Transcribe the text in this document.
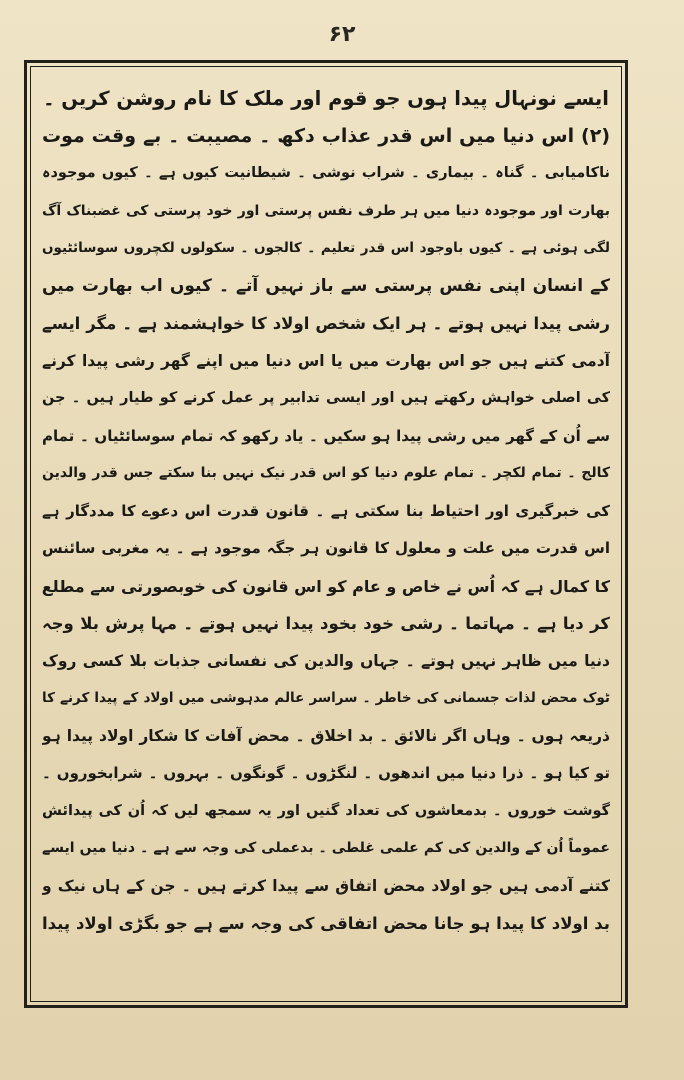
۶۲
ایسے نونہال پیدا ہوں جو قوم اور ملک کا نام روشن کریں ۔
(۲) اس دنیا میں اس قدر عذاب دکھ ۔ مصیبت ۔ بے وقت موت
ناکامیابی ۔ گناہ ۔ بیماری ۔ شراب نوشی ۔ شیطانیت کیوں ہے ۔ کیوں موجودہ
بھارت اور موجودہ دنیا میں ہر طرف نفس پرستی اور خود پرستی کی غضبناک آگ
لگی ہوئی ہے ۔ کیوں باوجود اس قدر تعلیم ۔ کالجوں ۔ سکولوں لکچروں سوسائٹیوں
کے انسان اپنی نفس پرستی سے باز نہیں آتے ۔ کیوں اب بھارت میں
رشی پیدا نہیں ہوتے ۔ ہر ایک شخص اولاد کا خواہشمند ہے ۔ مگر ایسے
آدمی کتنے ہیں جو اس بھارت میں یا اس دنیا میں اپنے گھر رشی پیدا کرنے
کی اصلی خواہش رکھتے ہیں اور ایسی تدابیر پر عمل کرنے کو طیار ہیں ۔ جن
سے اُن کے گھر میں رشی پیدا ہو سکیں ۔ یاد رکھو کہ تمام سوسائٹیاں ۔ تمام
کالج ۔ تمام لکچر ۔ تمام علوم دنیا کو اس قدر نیک نہیں بنا سکتے جس قدر والدین
کی خبرگیری اور احتیاط بنا سکتی ہے ۔ قانون قدرت اس دعوے کا مددگار ہے
اس قدرت میں علت و معلول کا قانون ہر جگہ موجود ہے ۔ یہ مغربی سائنس
کا کمال ہے کہ اُس نے خاص و عام کو اس قانون کی خوبصورتی سے مطلع
کر دیا ہے ۔ مہاتما ۔ رشی خود بخود پیدا نہیں ہوتے ۔ مہا پرش بلا وجہ
دنیا میں ظاہر نہیں ہوتے ۔ جہاں والدین کی نفسانی جذبات بلا کسی روک
ٹوک محض لذات جسمانی کی خاطر ۔ سراسر عالم مدہوشی میں اولاد کے پیدا کرنے کا
ذریعہ ہوں ۔ وہاں اگر نالائق ۔ بد اخلاق ۔ محض آفات کا شکار اولاد پیدا ہو
تو کیا ہو ۔ ذرا دنیا میں اندھوں ۔ لنگڑوں ۔ گونگوں ۔ بہروں ۔ شرابخوروں ۔
گوشت خوروں ۔ بدمعاشوں کی تعداد گنیں اور یہ سمجھ لیں کہ اُن کی پیدائش
عموماً اُن کے والدین کی کم علمی غلطی ۔ بدعملی کی وجہ سے ہے ۔ دنیا میں ایسے
کتنے آدمی ہیں جو اولاد محض اتفاق سے پیدا کرتے ہیں ۔ جن کے ہاں نیک و
بد اولاد کا پیدا ہو جانا محض اتفاقی کی وجہ سے ہے جو بگڑی اولاد پیدا
